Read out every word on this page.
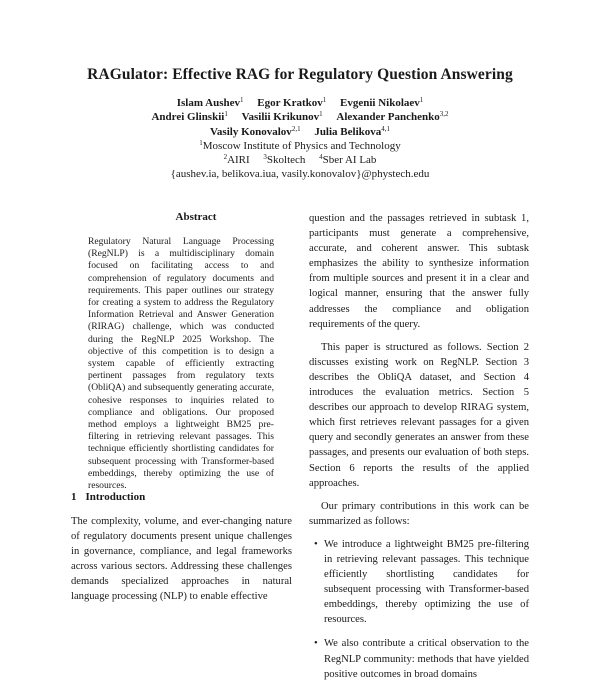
RAGulator: Effective RAG for Regulatory Question Answering
Islam Aushev$^1$ Egor Kratkov$^1$ Evgenii Nikolaev$^1$
Andrei Glinskii$^1$ Vasilii Krikunov$^1$ Alexander Panchenko$^{3,2}$
Vasily Konovalov$^{2,1}$ Julia Belikova$^{4,1}$
$^1$Moscow Institute of Physics and Technology
$^2$AIRI $^3$Skoltech $^4$Sber AI Lab
{aushev.ia, belikova.iua, vasily.konovalov}@phystech.edu
Abstract
Regulatory Natural Language Processing (RegNLP) is a multidisciplinary domain focused on facilitating access to and comprehension of regulatory documents and requirements. This paper outlines our strategy for creating a system to address the Regulatory Information Retrieval and Answer Generation (RIRAG) challenge, which was conducted during the RegNLP 2025 Workshop. The objective of this competition is to design a system capable of efficiently extracting pertinent passages from regulatory texts (ObliQA) and subsequently generating accurate, cohesive responses to inquiries related to compliance and obligations. Our proposed method employs a lightweight BM25 pre-filtering in retrieving relevant passages. This technique efficiently shortlisting candidates for subsequent processing with Transformer-based embeddings, thereby optimizing the use of resources.
1 Introduction
The complexity, volume, and ever-changing nature of regulatory documents present unique challenges in governance, compliance, and legal frameworks across various sectors. Addressing these challenges demands specialized approaches in natural language processing (NLP) to enable effective

question and the passages retrieved in subtask 1, participants must generate a comprehensive, accurate, and coherent answer. This subtask emphasizes the ability to synthesize information from multiple sources and present it in a clear and logical manner, ensuring that the answer fully addresses the compliance and obligation requirements of the query.

This paper is structured as follows. Section 2 discusses existing work on RegNLP. Section 3 describes the ObliQA dataset, and Section 4 introduces the evaluation metrics. Section 5 describes our approach to develop RIRAG system, which first retrieves relevant passages for a given query and secondly generates an answer from these passages, and presents our evaluation of both steps. Section 6 reports the results of the applied approaches.

Our primary contributions in this work can be summarized as follows:

• We introduce a lightweight BM25 pre-filtering in retrieving relevant passages. This technique efficiently shortlisting candidates for subsequent processing with Transformer-based embeddings, thereby optimizing the use of resources.
• We also contribute a critical observation to the RegNLP community: methods that have yielded positive outcomes in broad domains
